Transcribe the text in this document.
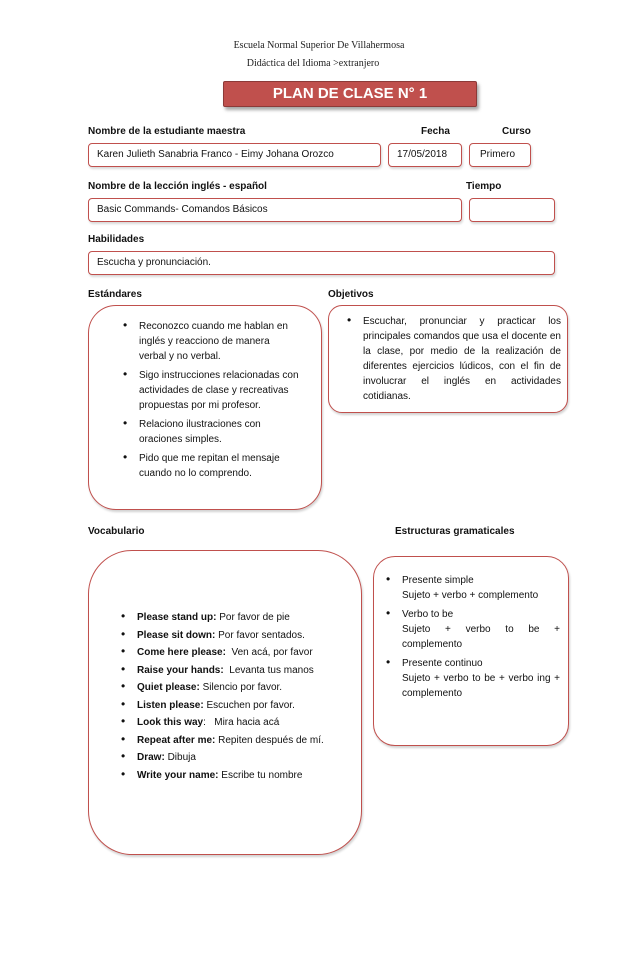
Escuela Normal Superior De Villahermosa
Didáctica del Idioma >extranjero
PLAN DE CLASE N° 1
Nombre de la estudiante maestra	Fecha	Curso
Karen Julieth Sanabria Franco - Eimy Johana Orozco	17/05/2018	Primero
Nombre de la lección inglés - español	Tiempo
Basic Commands- Comandos Básicos
Habilidades
Escucha y pronunciación.
Estándares	Objetivos
• Reconozco cuando me hablan en inglés y reacciono de manera verbal y no verbal.
• Sigo instrucciones relacionadas con actividades de clase y recreativas propuestas por mi profesor.
• Relaciono ilustraciones con oraciones simples.
• Pido que me repitan el mensaje cuando no lo comprendo.
• Escuchar, pronunciar y practicar los principales comandos que usa el docente en la clase, por medio de la realización de diferentes ejercicios lúdicos, con el fin de involucrar el inglés en actividades cotidianas.
Vocabulario	Estructuras gramaticales
• Please stand up: Por favor de pie
• Please sit down: Por favor sentados.
• Come here please:  Ven acá, por favor
• Raise your hands:  Levanta tus manos
• Quiet please: Silencio por favor.
• Listen please: Escuchen por favor.
• Look this way:   Mira hacia acá
• Repeat after me: Repiten después de mí.
• Draw: Dibuja
• Write your name: Escribe tu nombre
• Presente simple
Sujeto + verbo + complemento
• Verbo to be
Sujeto + verbo to be + complemento
• Presente continuo
Sujeto + verbo to be + verbo ing + complemento
